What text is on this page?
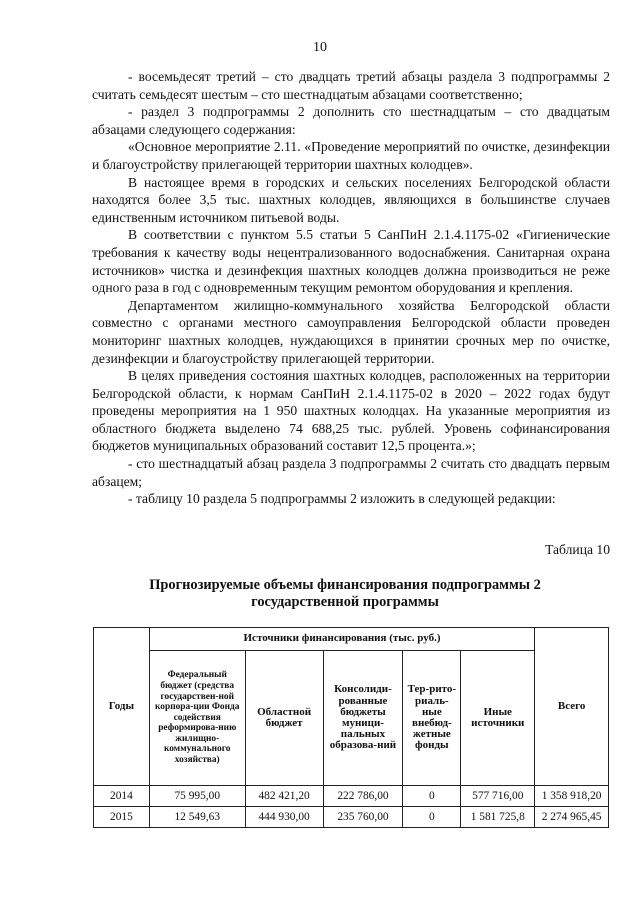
10

- восемьдесят третий – сто двадцать третий абзацы раздела 3 подпрограммы 2 считать семьдесят шестым – сто шестнадцатым абзацами соответственно;

- раздел 3 подпрограммы 2 дополнить сто шестнадцатым – сто двадцатым абзацами следующего содержания:

«Основное мероприятие 2.11. «Проведение мероприятий по очистке, дезинфекции и благоустройству прилегающей территории шахтных колодцев».

В настоящее время в городских и сельских поселениях Белгородской области находятся более 3,5 тыс. шахтных колодцев, являющихся в большинстве случаев единственным источником питьевой воды.

В соответствии с пунктом 5.5 статьи 5 СанПиН 2.1.4.1175-02 «Гигиенические требования к качеству воды нецентрализованного водоснабжения. Санитарная охрана источников» чистка и дезинфекция шахтных колодцев должна производиться не реже одного раза в год с одновременным текущим ремонтом оборудования и крепления.

Департаментом жилищно-коммунального хозяйства Белгородской области совместно с органами местного самоуправления Белгородской области проведен мониторинг шахтных колодцев, нуждающихся в принятии срочных мер по очистке, дезинфекции и благоустройству прилегающей территории.

В целях приведения состояния шахтных колодцев, расположенных на территории Белгородской области, к нормам СанПиН 2.1.4.1175-02 в 2020 – 2022 годах будут проведены мероприятия на 1 950 шахтных колодцах. На указанные мероприятия из областного бюджета выделено 74 688,25 тыс. рублей. Уровень софинансирования бюджетов муниципальных образований составит 12,5 процента.»;

- сто шестнадцатый абзац раздела 3 подпрограммы 2 считать сто двадцать первым абзацем;

- таблицу 10 раздела 5 подпрограммы 2 изложить в следующей редакции:

Таблица 10
Прогнозируемые объемы финансирования подпрограммы 2 государственной программы
Годы	Источники финансирования (тыс. руб.)					Всего
	Федеральный бюджет (средства государствен-ной корпора-ции Фонда содействия реформирова-нию жилищно-коммунального хозяйства)	Областной бюджет	Консолиди-рованные бюджеты муници-пальных образова-ний	Тер-рито-риаль-ные внебюд-жетные фонды	Иные источники	
2014	75 995,00	482 421,20	222 786,00	0	577 716,00	1 358 918,20
2015	12 549,63	444 930,00	235 760,00	0	1 581 725,8	2 274 965,45
